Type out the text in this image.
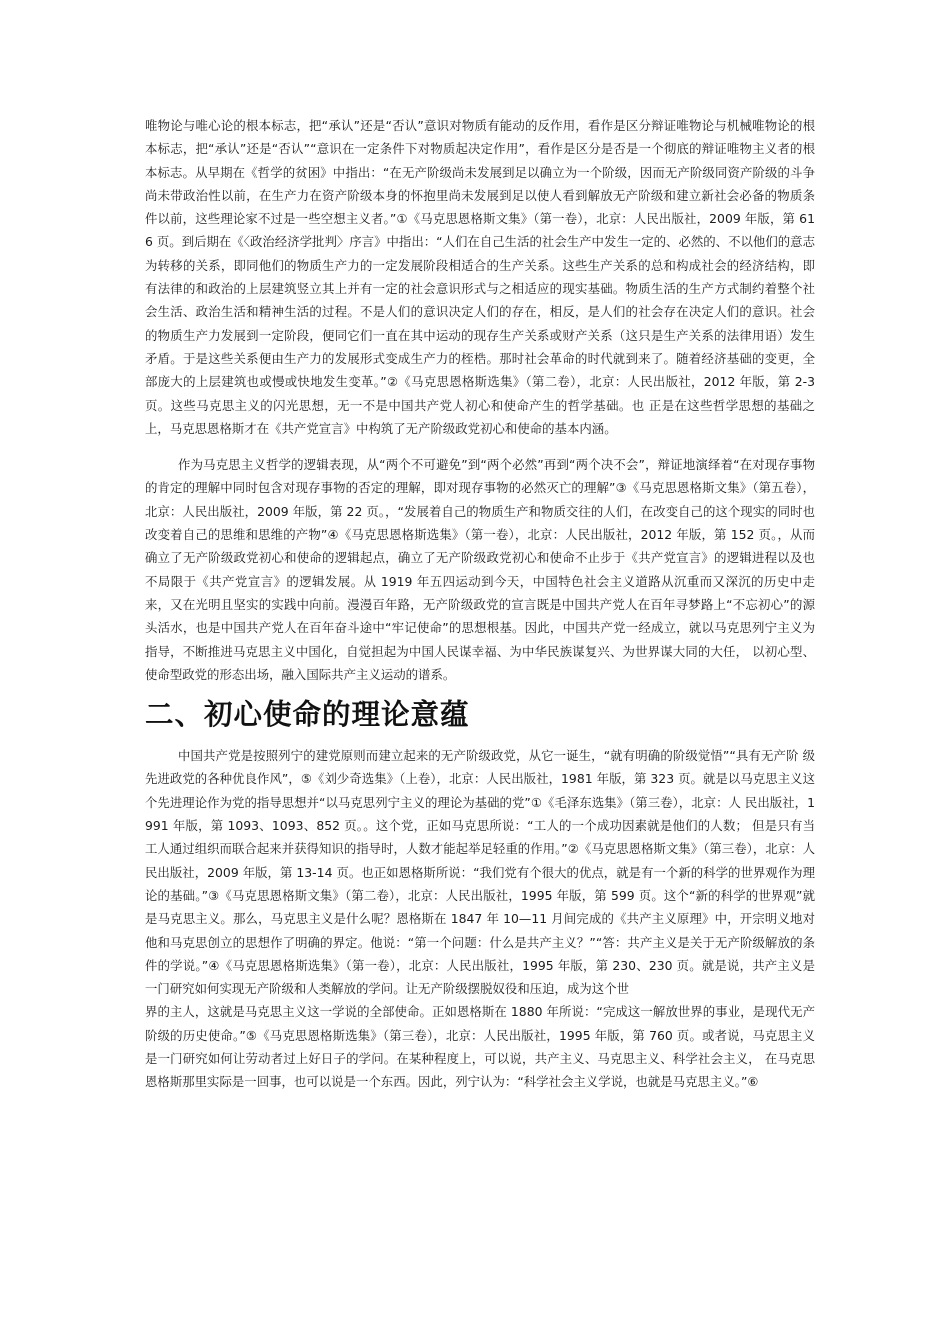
唯物论与唯心论的根本标志，把“承认”还是“否认”意识对物质有能动的反作用，看作是区分辩证唯物论与机械唯物论的根本标志，把“承认”还是“否认”“意识在一定条件下对物质起决定作用”，看作是区分是否是一个彻底的辩证唯物主义者的根本标志。从早期在《哲学的贫困》中指出：“在无产阶级尚未发展到足以确立为一个阶级，因而无产阶级同资产阶级的斗争尚未带政治性以前，在生产力在资产阶级本身的怀抱里尚未发展到足以使人看到解放无产阶级和建立新社会必备的物质条件以前，这些理论家不过是一些空想主义者。”①《马克思恩格斯文集》（第一卷），北京：人民出版社，2009 年版，第 616 页。到后期在《〈政治经济学批判〉序言》中指出：“人们在自己生活的社会生产中发生一定的、必然的、不以他们的意志为转移的关系，即同他们的物质生产力的一定发展阶段相适合的生产关系。这些生产关系的总和构成社会的经济结构，即有法律的和政治的上层建筑竖立其上并有一定的社会意识形式与之相适应的现实基础。物质生活的生产方式制约着整个社会生活、政治生活和精神生活的过程。不是人们的意识决定人们的存在，相反，是人们的社会存在决定人们的意识。社会的物质生产力发展到一定阶段，便同它们一直在其中运动的现存生产关系或财产关系（这只是生产关系的法律用语）发生矛盾。于是这些关系便由生产力的发展形式变成生产力的桎梏。那时社会革命的时代就到来了。随着经济基础的变更，全部庞大的上层建筑也或慢或快地发生变革。”②《马克思恩格斯选集》（第二卷），北京：人民出版社，2012 年版，第 2-3 页。这些马克思主义的闪光思想，无一不是中国共产党人初心和使命产生的哲学基础。也 正是在这些哲学思想的基础之上，马克思恩格斯才在《共产党宣言》中构筑了无产阶级政党初心和使命的基本内涵。

作为马克思主义哲学的逻辑表现，从“两个不可避免”到“两个必然”再到“两个决不会”，辩证地演绎着“在对现存事物的肯定的理解中同时包含对现存事物的否定的理解，即对现存事物的必然灭亡的理解”③《马克思恩格斯文集》（第五卷），北京：人民出版社，2009 年版，第 22 页。，“发展着自己的物质生产和物质交往的人们，在改变自己的这个现实的同时也改变着自己的思维和思维的产物”④《马克思恩格斯选集》（第一卷），北京：人民出版社，2012 年版，第 152 页。，从而确立了无产阶级政党初心和使命的逻辑起点，确立了无产阶级政党初心和使命不止步于《共产党宣言》的逻辑进程以及也不局限于《共产党宣言》的逻辑发展。从 1919 年五四运动到今天，中国特色社会主义道路从沉重而又深沉的历史中走来，又在光明且坚实的实践中向前。漫漫百年路，无产阶级政党的宣言既是中国共产党人在百年寻梦路上“不忘初心”的源头活水，也是中国共产党人在百年奋斗途中“牢记使命”的思想根基。因此，中国共产党一经成立，就以马克思列宁主义为指导，不断推进马克思主义中国化，自觉担起为中国人民谋幸福、为中华民族谋复兴、为世界谋大同的大任， 以初心型、使命型政党的形态出场，融入国际共产主义运动的谱系。

二、初心使命的理论意蕴

中国共产党是按照列宁的建党原则而建立起来的无产阶级政党，从它一诞生，“就有明确的阶级觉悟”“具有无产阶 级先进政党的各种优良作风”，⑤《刘少奇选集》（上卷），北京：人民出版社，1981 年版，第 323 页。就是以马克思主义这个先进理论作为党的指导思想并“以马克思列宁主义的理论为基础的党”①《毛泽东选集》（第三卷），北京：人 民出版社，1991 年版，第 1093、1093、852 页。。这个党，正如马克思所说：“工人的一个成功因素就是他们的人数； 但是只有当工人通过组织而联合起来并获得知识的指导时，人数才能起举足轻重的作用。”②《马克思恩格斯文集》（第三卷），北京：人民出版社，2009 年版，第 13-14 页。也正如恩格斯所说：“我们党有个很大的优点，就是有一个新的科学的世界观作为理论的基础。”③《马克思恩格斯文集》（第二卷），北京：人民出版社，1995 年版，第 599 页。这个“新的科学的世界观”就是马克思主义。那么，马克思主义是什么呢？恩格斯在 1847 年 10—11 月间完成的《共产主义原理》中，开宗明义地对他和马克思创立的思想作了明确的界定。他说：“第一个问题：什么是共产主义？”“答：共产主义是关于无产阶级解放的条件的学说。”④《马克思恩格斯选集》（第一卷），北京：人民出版社，1995 年版，第 230、230 页。就是说，共产主义是一门研究如何实现无产阶级和人类解放的学问。让无产阶级摆脱奴役和压迫，成为这个世

界的主人，这就是马克思主义这一学说的全部使命。正如恩格斯在 1880 年所说：“完成这一解放世界的事业，是现代无产阶级的历史使命。”⑤《马克思恩格斯选集》（第三卷），北京：人民出版社，1995 年版，第 760 页。或者说，马克思主义是一门研究如何让劳动者过上好日子的学问。在某种程度上，可以说，共产主义、马克思主义、科学社会主义， 在马克思恩格斯那里实际是一回事，也可以说是一个东西。因此，列宁认为：“科学社会主义学说，也就是马克思主义。”⑥
